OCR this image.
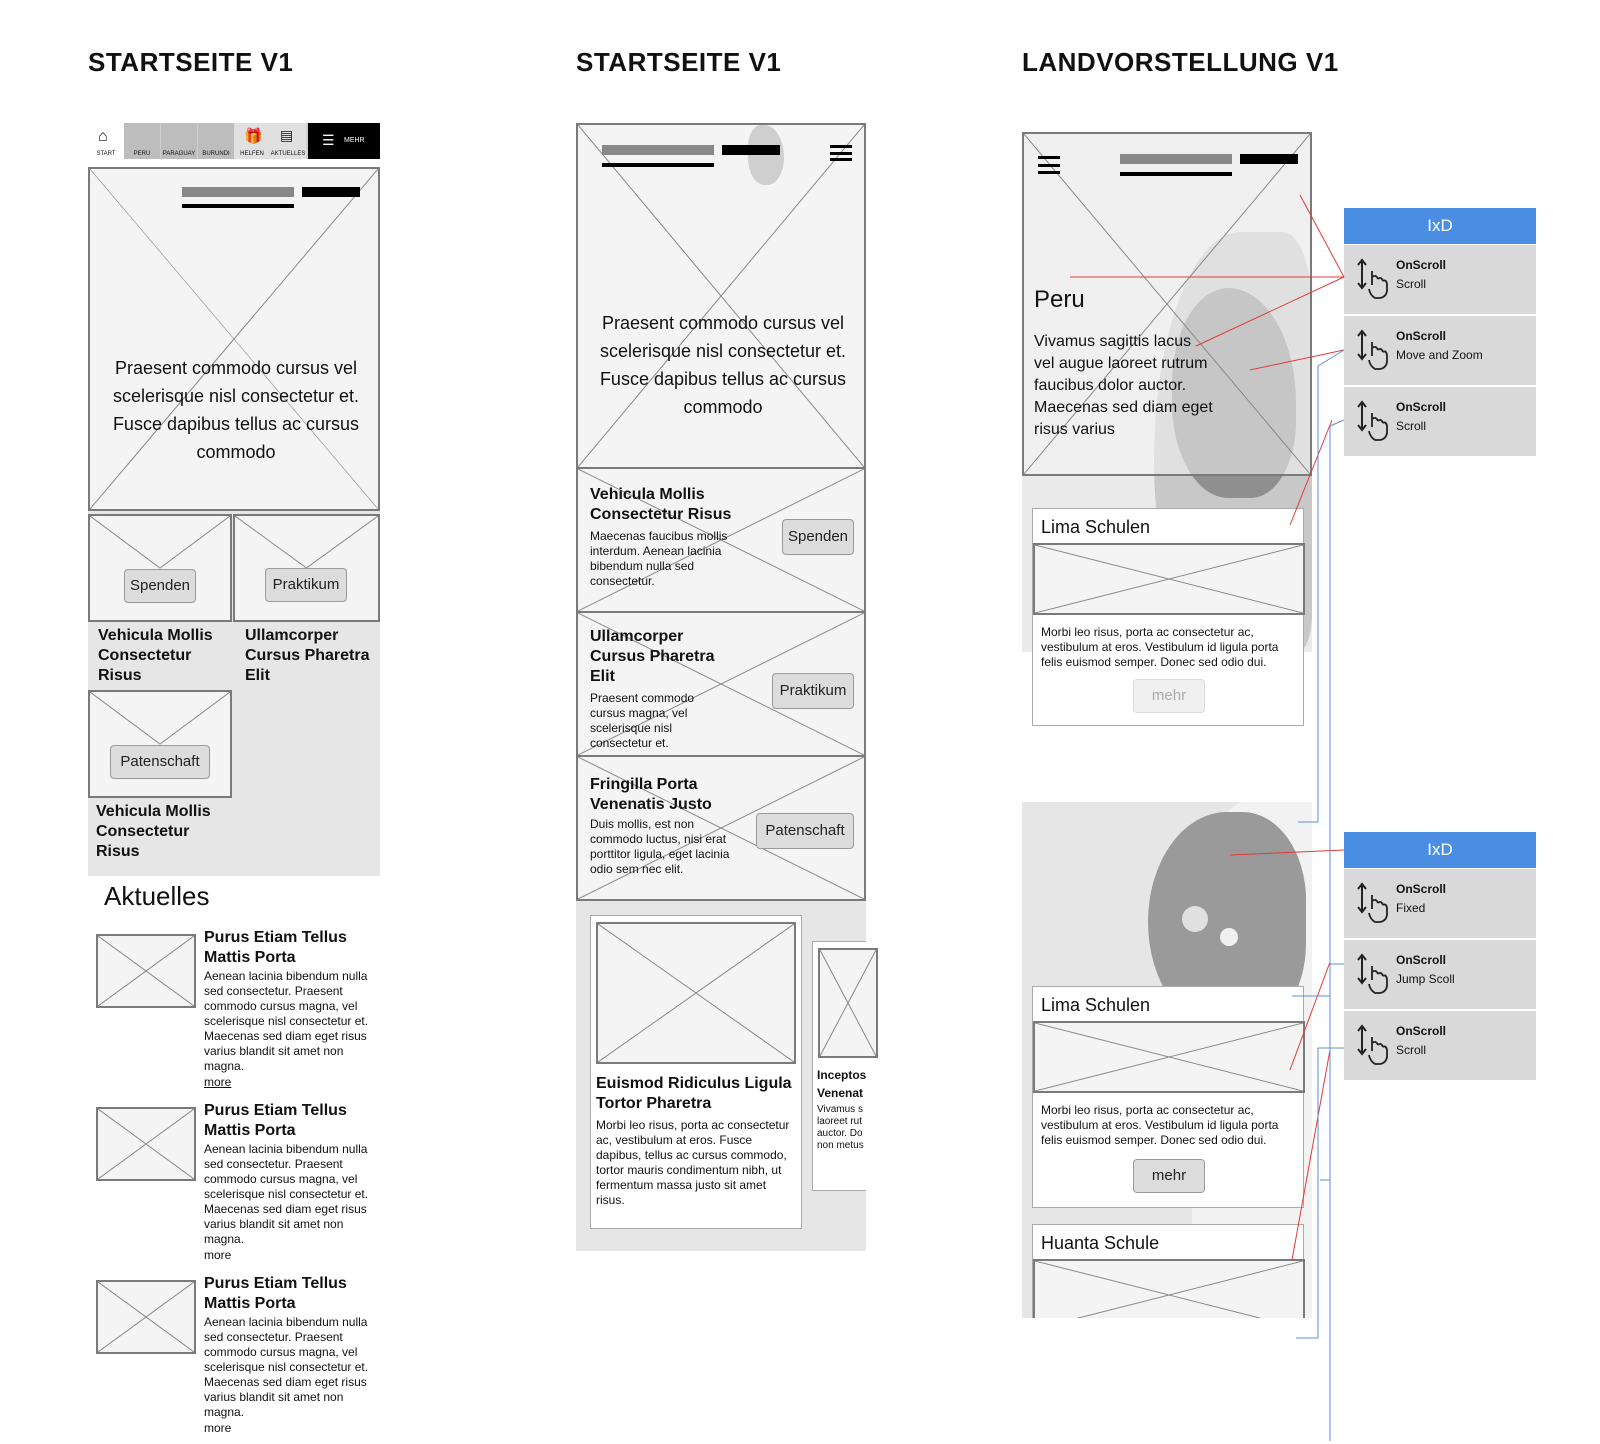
STARTSEITE V1	STARTSEITE V1	LANDVORSTELLUNG V1
⌂
START	PERU	PARAGUAY	BURUNDI
🎁
HELFEN
▤
AKTUELLES
☰ MEHR
Praesent commodo cursus vel scelerisque nisl consectetur et. Fusce dapibus tellus ac cursus commodo
Spenden	Praktikum
Vehicula Mollis Consectetur Risus
Ullamcorper Cursus Pharetra Elit
Patenschaft
Vehicula Mollis Consectetur Risus
Aktuelles
Purus Etiam Tellus Mattis Porta
Aenean lacinia bibendum nulla sed consectetur. Praesent commodo cursus magna, vel scelerisque nisl consectetur et. Maecenas sed diam eget risus varius blandit sit amet non magna.
more
Purus Etiam Tellus Mattis Porta
Aenean lacinia bibendum nulla sed consectetur. Praesent commodo cursus magna, vel scelerisque nisl consectetur et. Maecenas sed diam eget risus varius blandit sit amet non magna.
more
Purus Etiam Tellus Mattis Porta
Aenean lacinia bibendum nulla sed consectetur. Praesent commodo cursus magna, vel scelerisque nisl consectetur et. Maecenas sed diam eget risus varius blandit sit amet non magna.
more
Praesent commodo cursus vel scelerisque nisl consectetur et. Fusce dapibus tellus ac cursus commodo
Vehicula Mollis Consectetur Risus
Maecenas faucibus mollis interdum. Aenean lacinia bibendum nulla sed consectetur.
Spenden
Ullamcorper Cursus Pharetra Elit
Praesent commodo cursus magna, vel scelerisque nisl consectetur et.
Praktikum
Fringilla Porta Venenatis Justo
Duis mollis, est non commodo luctus, nisi erat porttitor ligula, eget lacinia odio sem nec elit.
Patenschaft
Euismod Ridiculus Ligula Tortor Pharetra
Morbi leo risus, porta ac consectetur ac, vestibulum at eros. Fusce dapibus, tellus ac cursus commodo, tortor mauris condimentum nibh, ut fermentum massa justo sit amet risus.
Inceptos Venenat
Vivamus s laoreet rut auctor. Do non metus
Peru
Vivamus sagittis lacus vel augue laoreet rutrum faucibus dolor auctor. Maecenas sed diam eget risus varius
Lima Schulen
Morbi leo risus, porta ac consectetur ac, vestibulum at eros. Vestibulum id ligula porta felis euismod semper. Donec sed odio dui.
mehr
Lima Schulen
Morbi leo risus, porta ac consectetur ac, vestibulum at eros. Vestibulum id ligula porta felis euismod semper. Donec sed odio dui.
mehr
Huanta Schule
IxD
OnScroll
Scroll
OnScroll
Move and Zoom
OnScroll
Scroll
IxD
OnScroll
Fixed
OnScroll
Jump Scoll
OnScroll
Scroll
